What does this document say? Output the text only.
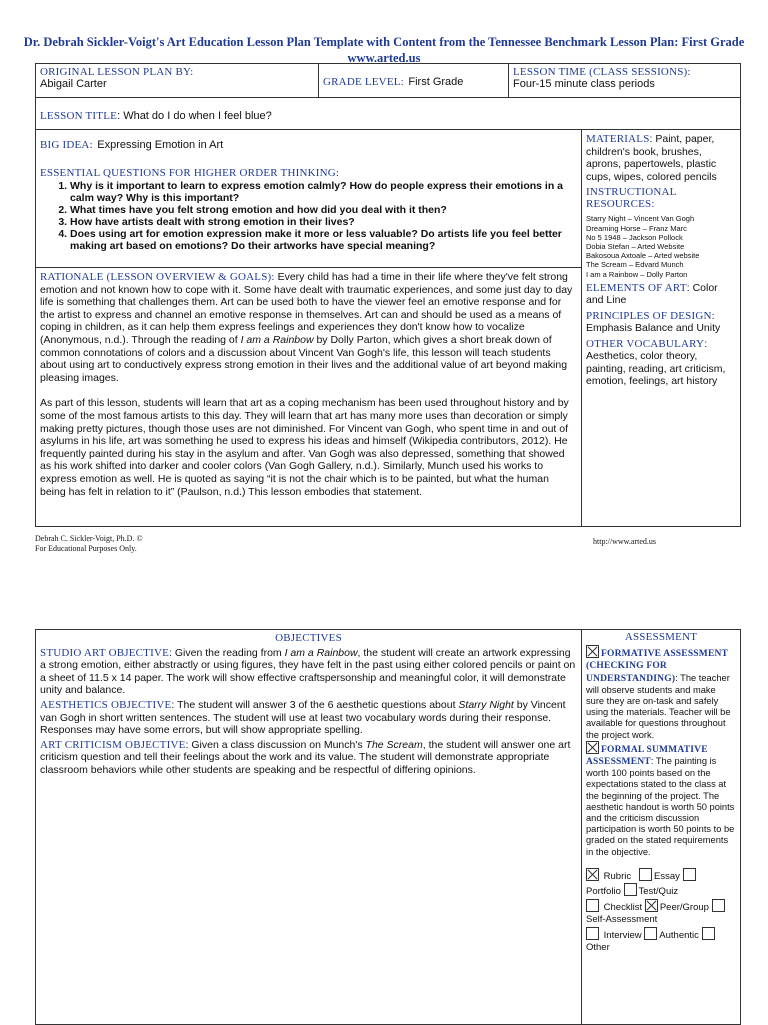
Dr. Debrah Sickler-Voigt's Art Education Lesson Plan Template with Content from the Tennessee Benchmark Lesson Plan: First Grade
www.arted.us
ORIGINAL LESSON PLAN BY:
Abigail Carter	GRADE LEVEL: First Grade	
LESSON TIME (CLASS SESSIONS):
Four-15 minute class periods

LESSON TITLE: What do I do when I feel blue?
BIG IDEA: Expressing Emotion in Art
ESSENTIAL QUESTIONS FOR HIGHER ORDER THINKING:
1. Why is it important to learn to express emotion calmly? How do people express their emotions in a calm way? Why is this important?
2. What times have you felt strong emotion and how did you deal with it then?
3. How have artists dealt with strong emotion in their lives?
4. Does using art for emotion expression make it more or less valuable? Do artists life you feel better making art based on emotions? Do their artworks have special meaning?

MATERIALS: Paint, paper, children's book, brushes, aprons, papertowels, plastic cups, wipes, colored pencils
INSTRUCTIONAL RESOURCES:
Starry Night – Vincent Van Gogh
Dreaming Horse – Franz Marc
No 5 1948 – Jackson Pollock
Dobia Stefan – Arted Website
Bakosoua Axtoale – Arted website
The Scream – Edvard Munch
I am a Rainbow – Dolly Parton
ELEMENTS OF ART: Color and Line
PRINCIPLES OF DESIGN:
Emphasis Balance and Unity
OTHER VOCABULARY: Aesthetics, color theory, painting, reading, art criticism, emotion, feelings, art history

RATIONALE (LESSON OVERVIEW & GOALS): Every child has had a time in their life where they've felt strong emotion and not known how to cope with it. Some have dealt with traumatic experiences, and some just day to day life is something that challenges them. Art can be used both to have the viewer feel an emotive response and for the artist to express and channel an emotive response in themselves. Art can and should be used as a means of coping in children, as it can help them express feelings and experiences they don't know how to vocalize (Anonymous, n.d.). Through the reading of I am a Rainbow by Dolly Parton, which gives a short break down of common connotations of colors and a discussion about Vincent Van Gogh's life, this lesson will teach students about using art to conductively express strong emotion in their lives and the additional value of art beyond making pleasing images.
As part of this lesson, students will learn that art as a coping mechanism has been used throughout history and by some of the most famous artists to this day. They will learn that art has many more uses than decoration or simply making pretty pictures, though those uses are not diminished. For Vincent van Gogh, who spent time in and out of asylums in his life, art was something he used to express his ideas and himself (Wikipedia contributors, 2012). He frequently painted during his stay in the asylum and after. Van Gogh was also depressed, something that showed as his work shifted into darker and cooler colors (Van Gogh Gallery, n.d.). Similarly, Munch used his works to express emotion as well. He is quoted as saying “it is not the chair which is to be painted, but what the human being has felt in relation to it” (Paulson, n.d.) This lesson embodies that statement.
Debrah C. Sickler-Voigt, Ph.D. ©
For Educational Purposes Only.
http://www.arted.us
OBJECTIVES
STUDIO ART OBJECTIVE: Given the reading from I am a Rainbow, the student will create an artwork expressing a strong emotion, either abstractly or using figures, they have felt in the past using either colored pencils or paint on a sheet of 11.5 x 14 paper. The work will show effective craftspersonship and meaningful color, it will demonstrate unity and balance.
AESTHETICS OBJECTIVE: The student will answer 3 of the 6 aesthetic questions about Starry Night by Vincent van Gogh in short written sentences. The student will use at least two vocabulary words during their response. Responses may have some errors, but will show appropriate spelling.
ART CRITICISM OBJECTIVE: Given a class discussion on Munch's The Scream, the student will answer one art criticism question and tell their feelings about the work and its value. The student will demonstrate appropriate classroom behaviors while other students are speaking and be respectful of differing opinions.

ASSESSMENT
FORMATIVE ASSESSMENT (CHECKING FOR UNDERSTANDING): The teacher will observe students and make sure they are on-task and safely using the materials. Teacher will be available for questions throughout the project work.
FORMAL SUMMATIVE ASSESSMENT: The painting is worth 100 points based on the expectations stated to the class at the beginning of the project. The aesthetic handout is worth 50 points and the criticism discussion participation is worth 50 points to be graded on the stated requirements in the objective.
Rubric Essay
Portfolio Test/Quiz
Checklist Peer/Group
Self-Assessment
Interview Authentic
Other
